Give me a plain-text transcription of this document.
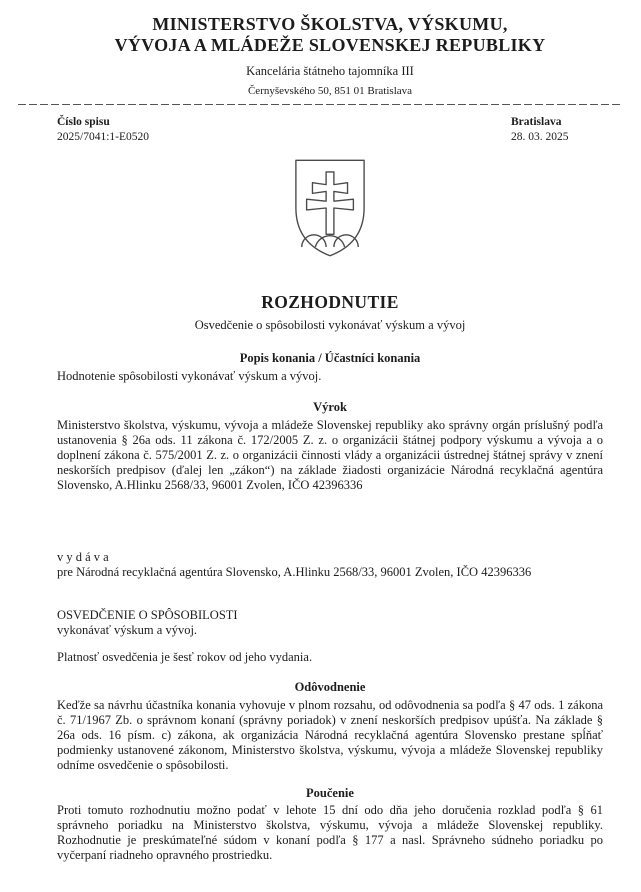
MINISTERSTVO ŠKOLSTVA, VÝSKUMU,
VÝVOJA A MLÁDEŽE SLOVENSKEJ REPUBLIKY
Kancelária štátneho tajomníka III
Černyševského 50, 851 01 Bratislava
Číslo spisu
2025/7041:1-E0520
Bratislava
28. 03. 2025
ROZHODNUTIE
Osvedčenie o spôsobilosti vykonávať výskum a vývoj
Popis konania / Účastníci konania
Hodnotenie spôsobilosti vykonávať výskum a vývoj.
Výrok
Ministerstvo školstva, výskumu, vývoja a mládeže Slovenskej republiky ako správny orgán príslušný podľa ustanovenia § 26a ods. 11 zákona č. 172/2005 Z. z. o organizácii štátnej podpory výskumu a vývoja a o doplnení zákona č. 575/2001 Z. z. o organizácii činnosti vlády a organizácii ústrednej štátnej správy v znení neskorších predpisov (ďalej len „zákon“) na základe žiadosti organizácie Národná recyklačná agentúra Slovensko, A.Hlinku 2568/33, 96001 Zvolen, IČO 42396336
v y d á v a
pre Národná recyklačná agentúra Slovensko, A.Hlinku 2568/33, 96001 Zvolen, IČO 42396336
OSVEDČENIE O SPÔSOBILOSTI
vykonávať výskum a vývoj.
Platnosť osvedčenia je šesť rokov od jeho vydania.
Odôvodnenie
Keďže sa návrhu účastníka konania vyhovuje v plnom rozsahu, od odôvodnenia sa podľa § 47 ods. 1 zákona č. 71/1967 Zb. o správnom konaní (správny poriadok) v znení neskorších predpisov upúšťa. Na základe § 26a ods. 16 písm. c) zákona, ak organizácia Národná recyklačná agentúra Slovensko prestane spĺňať podmienky ustanovené zákonom, Ministerstvo školstva, výskumu, vývoja a mládeže Slovenskej republiky odníme osvedčenie o spôsobilosti.
Poučenie
Proti tomuto rozhodnutiu možno podať v lehote 15 dní odo dňa jeho doručenia rozklad podľa § 61 správneho poriadku na Ministerstvo školstva, výskumu, vývoja a mládeže Slovenskej republiky. Rozhodnutie je preskúmateľné súdom v konaní podľa § 177 a nasl. Správneho súdneho poriadku po vyčerpaní riadneho opravného prostriedku.
